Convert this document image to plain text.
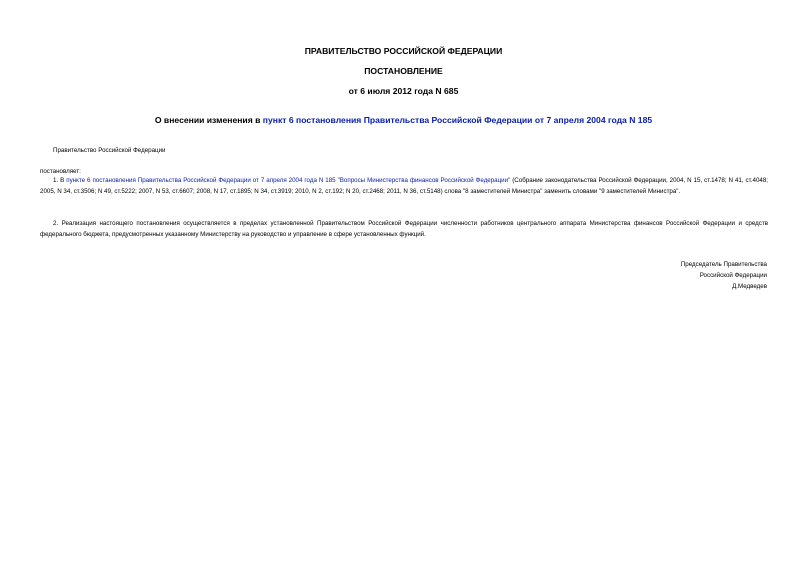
ПРАВИТЕЛЬСТВО РОССИЙСКОЙ ФЕДЕРАЦИИ
ПОСТАНОВЛЕНИЕ
от 6 июля 2012 года N 685
О внесении изменения в пункт 6 постановления Правительства Российской Федерации от 7 апреля 2004 года N 185
Правительство Российской Федерации
постановляет:
1. В пункте 6 постановления Правительства Российской Федерации от 7 апреля 2004 года N 185 "Вопросы Министерства финансов Российской Федерации" (Собрание законодательства Российской Федерации, 2004, N 15, ст.1478; N 41, ст.4048; 2005, N 34, ст.3506; N 49, ст.5222; 2007, N 53, ст.6607; 2008, N 17, ст.1895; N 34, ст.3919; 2010, N 2, ст.192; N 20, ст.2468; 2011, N 36, ст.5148) слова "8 заместителей Министра" заменить словами "9 заместителей Министра".
2. Реализация настоящего постановления осуществляется в пределах установленной Правительством Российской Федерации численности работников центрального аппарата Министерства финансов Российской Федерации и средств федерального бюджета, предусмотренных указанному Министерству на руководство и управление в сфере установленных функций.
Председатель Правительства
Российской Федерации
Д.Медведев
